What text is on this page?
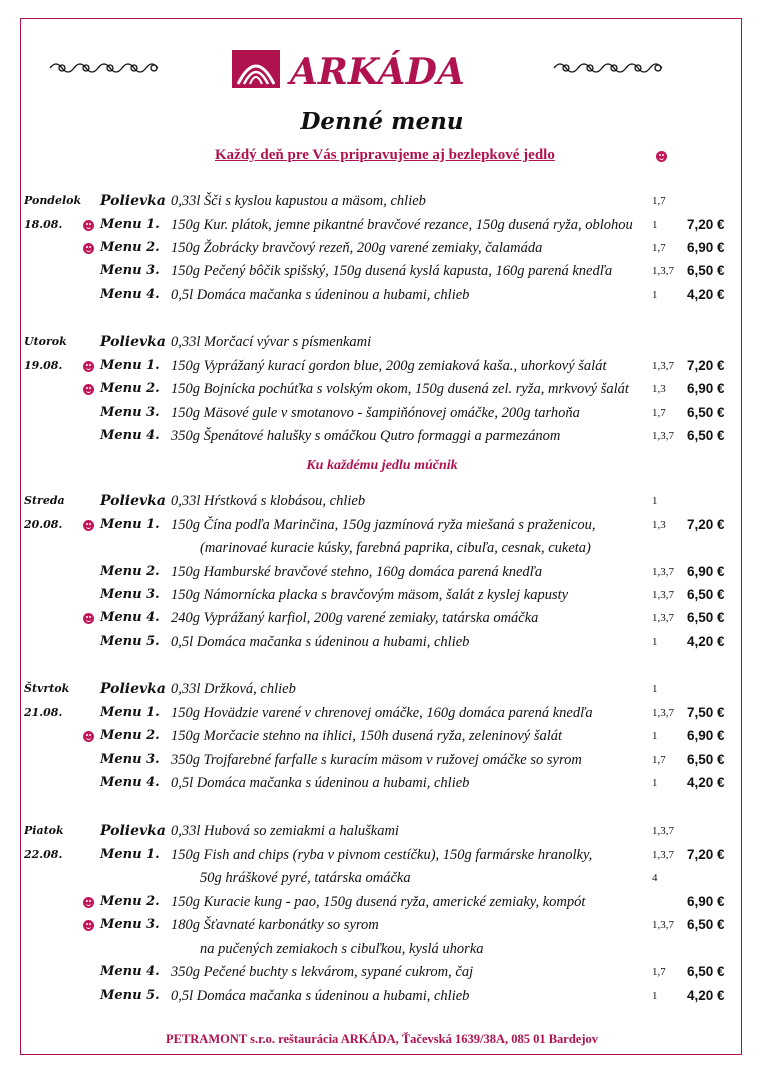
ARKÁDA
Denné menu
Každý deň pre Vás pripravujeme aj bezlepkové jedlo
Pondelok Polievka 0,33l Šči s kyslou kapustou a mäsom, chlieb	1,7
18.08.	Menu 1. 150g Kur. plátok, jemne pikantné bravčové rezance, 150g dusená ryža, oblohou	1	7,20 €
Menu 2. 150g Žobrácky bravčový rezeň, 200g varené zemiaky, čalamáda	1,7	6,90 €
Menu 3. 150g Pečený bôčik spišský, 150g dusená kyslá kapusta, 160g parená knedľa	1,3,7 6,50 €
Menu 4. 0,5l Domáca mačanka s údeninou a hubami, chlieb	1	4,20 €
Utorok Polievka 0,33l Morčací vývar s písmenkami
19.08.	Menu 1. 150g Vyprážaný kurací gordon blue, 200g zemiaková kaša., uhorkový šalát	1,3,7 7,20 €
Menu 2. 150g Bojnícka pochúťka s volským okom, 150g dusená zel. ryža, mrkvový šalát	1,3	6,90 €
Menu 3. 150g Mäsové gule v smotanovo - šampiňónovej omáčke, 200g tarhoňa	1,7	6,50 €
Menu 4. 350g Špenátové halušky s omáčkou Qutro formaggi a parmezánom	1,3,7 6,50 €
Streda	Polievka 0,33l Hŕstková s klobásou, chlieb	1
20.08.	Menu 1. 150g Čína podľa Marinčina, 150g jazmínová ryža miešaná s praženicou,	1,3	7,20 €
(marinovaé kuracie kúsky, farebná paprika, cibuľa, cesnak, cuketa)
Menu 2. 150g Hamburské bravčové stehno, 160g domáca parená knedľa	1,3,7 6,90 €
Menu 3. 150g Námornícka placka s bravčovým mäsom, šalát z kyslej kapusty	1,3,7 6,50 €
Menu 4. 240g Vyprážaný karfiol, 200g varené zemiaky, tatárska omáčka	1,3,7 6,50 €
Menu 5. 0,5l Domáca mačanka s údeninou a hubami, chlieb	1	4,20 €
Štvrtok Polievka 0,33l Držková, chlieb	1
21.08.	Menu 1. 150g Hovädzie varené v chrenovej omáčke, 160g domáca parená knedľa	1,3,7 7,50 €
Menu 2. 150g Morčacie stehno na ihlici, 150h dusená ryža, zeleninový šalát	1	6,90 €
Menu 3. 350g Trojfarebné farfalle s kuracím mäsom v ružovej omáčke so syrom	1,7	6,50 €
Menu 4. 0,5l Domáca mačanka s údeninou a hubami, chlieb	1	4,20 €
Piatok	Polievka 0,33l Hubová so zemiakmi a haluškami	1,3,7
22.08.	Menu 1. 150g Fish and chips (ryba v pivnom cestíčku), 150g farmárske hranolky,	1,3,7 7,20 €
50g hráškové pyré, tatárska omáčka	4
Menu 2. 150g Kuracie kung - pao, 150g dusená ryža, americké zemiaky, kompót	6,90 €
Menu 3. 180g Šťavnaté karbonátky so syrom	1,3,7 6,50 €
na pučených zemiakoch s cibuľkou, kyslá uhorka
Menu 4. 350g Pečené buchty s lekvárom, sypané cukrom, čaj	1,7	6,50 €
Menu 5. 0,5l Domáca mačanka s údeninou a hubami, chlieb	1	4,20 €
Ku každému jedlu múčnik
PETRAMONT s.r.o. reštaurácia ARKÁDA, Ťačevská 1639/38A, 085 01 Bardejov
